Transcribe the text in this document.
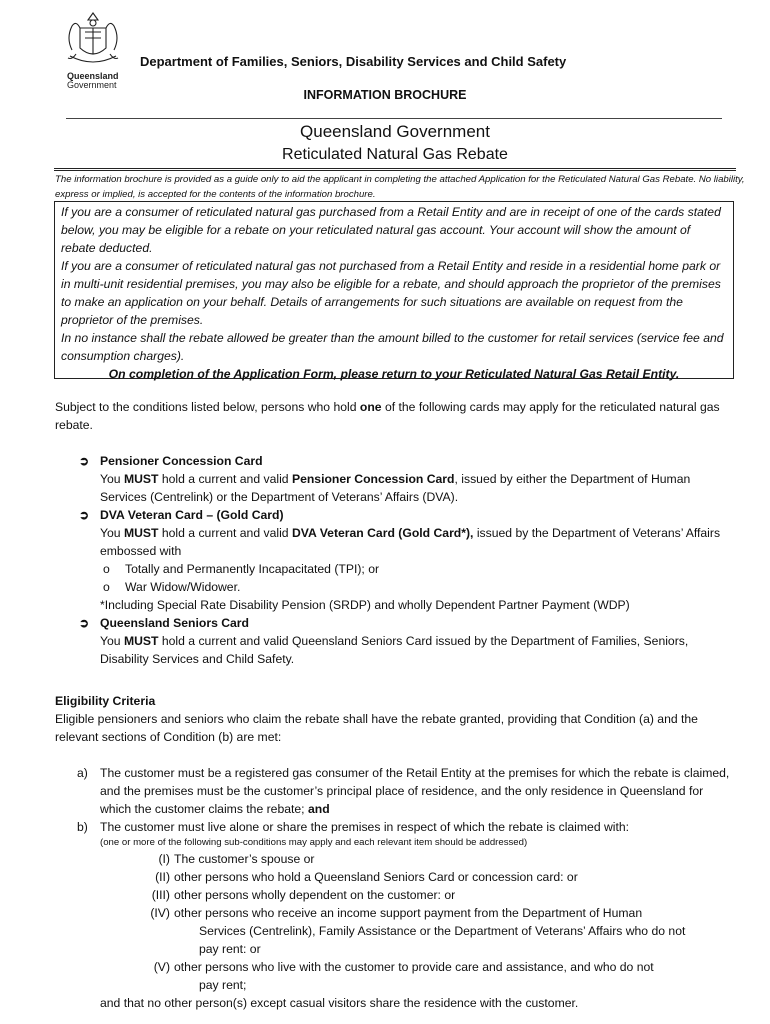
Queensland
Government
Department of Families, Seniors, Disability Services and Child Safety
INFORMATION BROCHURE
Queensland Government
Reticulated Natural Gas Rebate
The information brochure is provided as a guide only to aid the applicant in completing the attached Application for the Reticulated Natural Gas Rebate. No liability, express or implied, is accepted for the contents of the information brochure.

If you are a consumer of reticulated natural gas purchased from a Retail Entity and are in receipt of one of the cards stated below, you may be eligible for a rebate on your reticulated natural gas account. Your account will show the amount of rebate deducted.

If you are a consumer of reticulated natural gas not purchased from a Retail Entity and reside in a residential home park or in multi-unit residential premises, you may also be eligible for a rebate, and should approach the proprietor of the premises to make an application on your behalf. Details of arrangements for such situations are available on request from the proprietor of the premises.

In no instance shall the rebate allowed be greater than the amount billed to the customer for retail services (service fee and consumption charges).

On completion of the Application Form, please return to your Reticulated Natural Gas Retail Entity.

Subject to the conditions listed below, persons who hold one of the following cards may apply for the reticulated natural gas rebate.
➲ Pensioner Concession Card
You MUST hold a current and valid Pensioner Concession Card, issued by either the Department of Human Services (Centrelink) or the Department of Veterans’ Affairs (DVA).
➲ DVA Veteran Card – (Gold Card)
You MUST hold a current and valid DVA Veteran Card (Gold Card*), issued by the Department of Veterans’ Affairs embossed with
o	Totally and Permanently Incapacitated (TPI); or
o	War Widow/Widower.
*Including Special Rate Disability Pension (SRDP) and wholly Dependent Partner Payment (WDP)
➲ Queensland Seniors Card
You MUST hold a current and valid Queensland Seniors Card issued by the Department of Families, Seniors, Disability Services and Child Safety.
Eligibility Criteria
Eligible pensioners and seniors who claim the rebate shall have the rebate granted, providing that Condition (a) and the relevant sections of Condition (b) are met:
a) The customer must be a registered gas consumer of the Retail Entity at the premises for which the rebate is claimed, and the premises must be the customer’s principal place of residence, and the only residence in Queensland for which the customer claims the rebate; and
b) The customer must live alone or share the premises in respect of which the rebate is claimed with:
(one or more of the following sub-conditions may apply and each relevant item should be addressed)
(I) The customer’s spouse or
(II) other persons who hold a Queensland Seniors Card or concession card: or
(III) other persons wholly dependent on the customer: or
(IV) other persons who receive an income support payment from the Department of Human
Services (Centrelink), Family Assistance or the Department of Veterans’ Affairs who do not
pay rent: or
(V) other persons who live with the customer to provide care and assistance, and who do not
pay rent;
and that no other person(s) except casual visitors share the residence with the customer.
